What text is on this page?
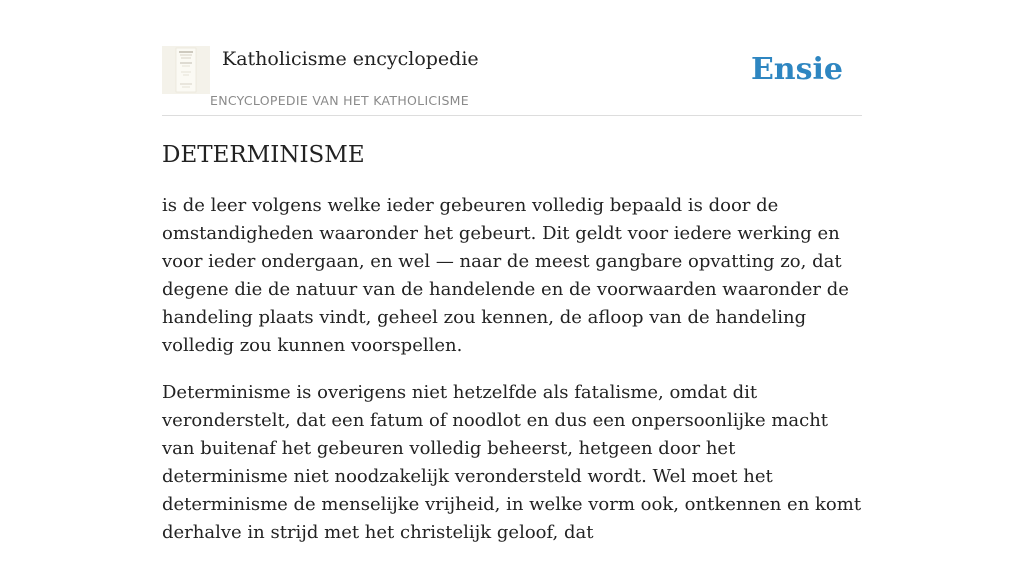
Katholicisme encyclopedie
ENCYCLOPEDIE VAN HET KATHOLICISME
Ensie
DETERMINISME

is de leer volgens welke ieder gebeuren volledig bepaald is door de omstandigheden waaronder het gebeurt. Dit geldt voor iedere werking en voor ieder ondergaan, en wel — naar de meest gangbare opvatting zo, dat degene die de natuur van de handelende en de voorwaarden waaronder de handeling plaats vindt, geheel zou kennen, de afloop van de handeling volledig zou kunnen voorspellen.

Determinisme is overigens niet hetzelfde als fatalisme, omdat dit veronderstelt, dat een fatum of noodlot en dus een onpersoonlijke macht van buitenaf het gebeuren volledig beheerst, hetgeen door het determinisme niet noodzakelijk verondersteld wordt. Wel moet het determinisme de menselijke vrijheid, in welke vorm ook, ontkennen en komt derhalve in strijd met het christelijk geloof, dat
